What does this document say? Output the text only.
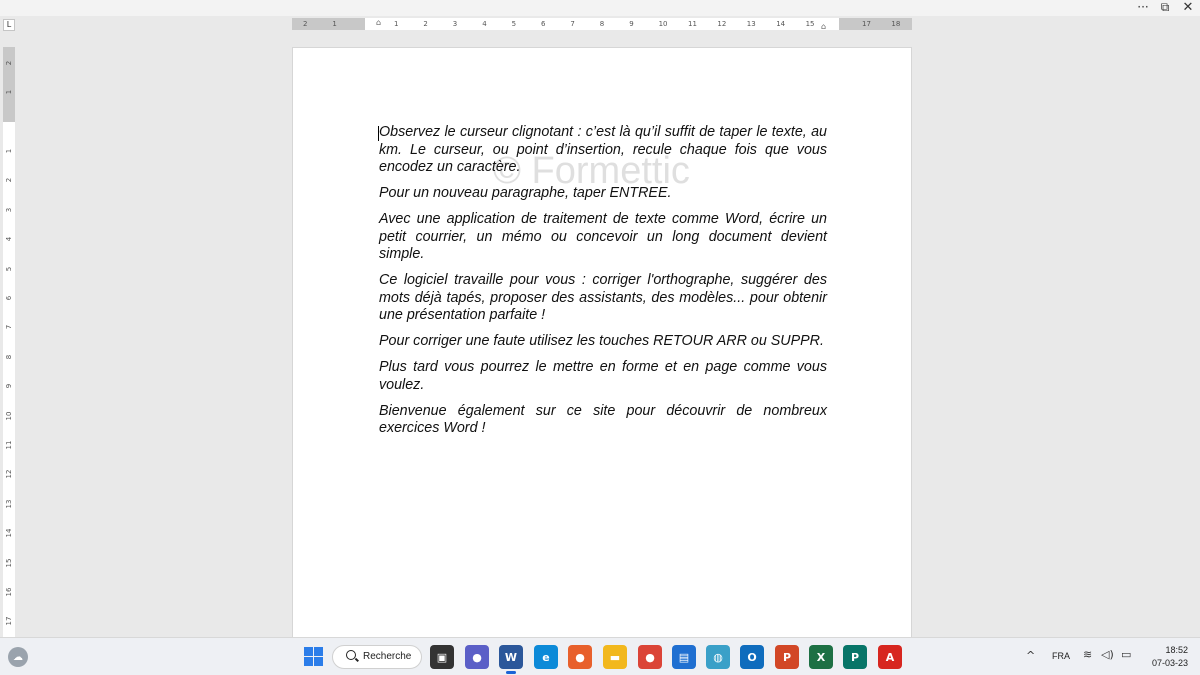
··· ⧉	✕
L	2	1	1	2	3	4	5	6	7	8	9	10	11	12	13	14	15	17	18
⌂	⌂
2
1
1
2
3
4
5
6
7
8
9
10
11
12
13
14
15
16
17
© Formettic

Observez le curseur clignotant : c’est là qu’il suffit de taper le texte, au km. Le curseur, ou point d’insertion, recule chaque fois que vous encodez un caractère.

Pour un nouveau paragraphe, taper ENTREE.

Avec une application de traitement de texte comme Word, écrire un petit courrier, un mémo ou concevoir un long document devient simple.

Ce logiciel travaille pour vous : corriger l'orthographe, suggérer des mots déjà tapés, proposer des assistants, des modèles... pour obtenir une présentation parfaite !

Pour corriger une faute utilisez les touches RETOUR ARR ou SUPPR.

Plus tard vous pourrez le mettre en forme et en page comme vous voulez.

Bienvenue également sur ce site pour découvrir de nombreux exercices Word !

☁	Recherche	▣	●	W	e	●	▬	●	▤	◍	O	P	X	P	A	^ FRA ≋ ◁) ▭	18:52
07-03-23
